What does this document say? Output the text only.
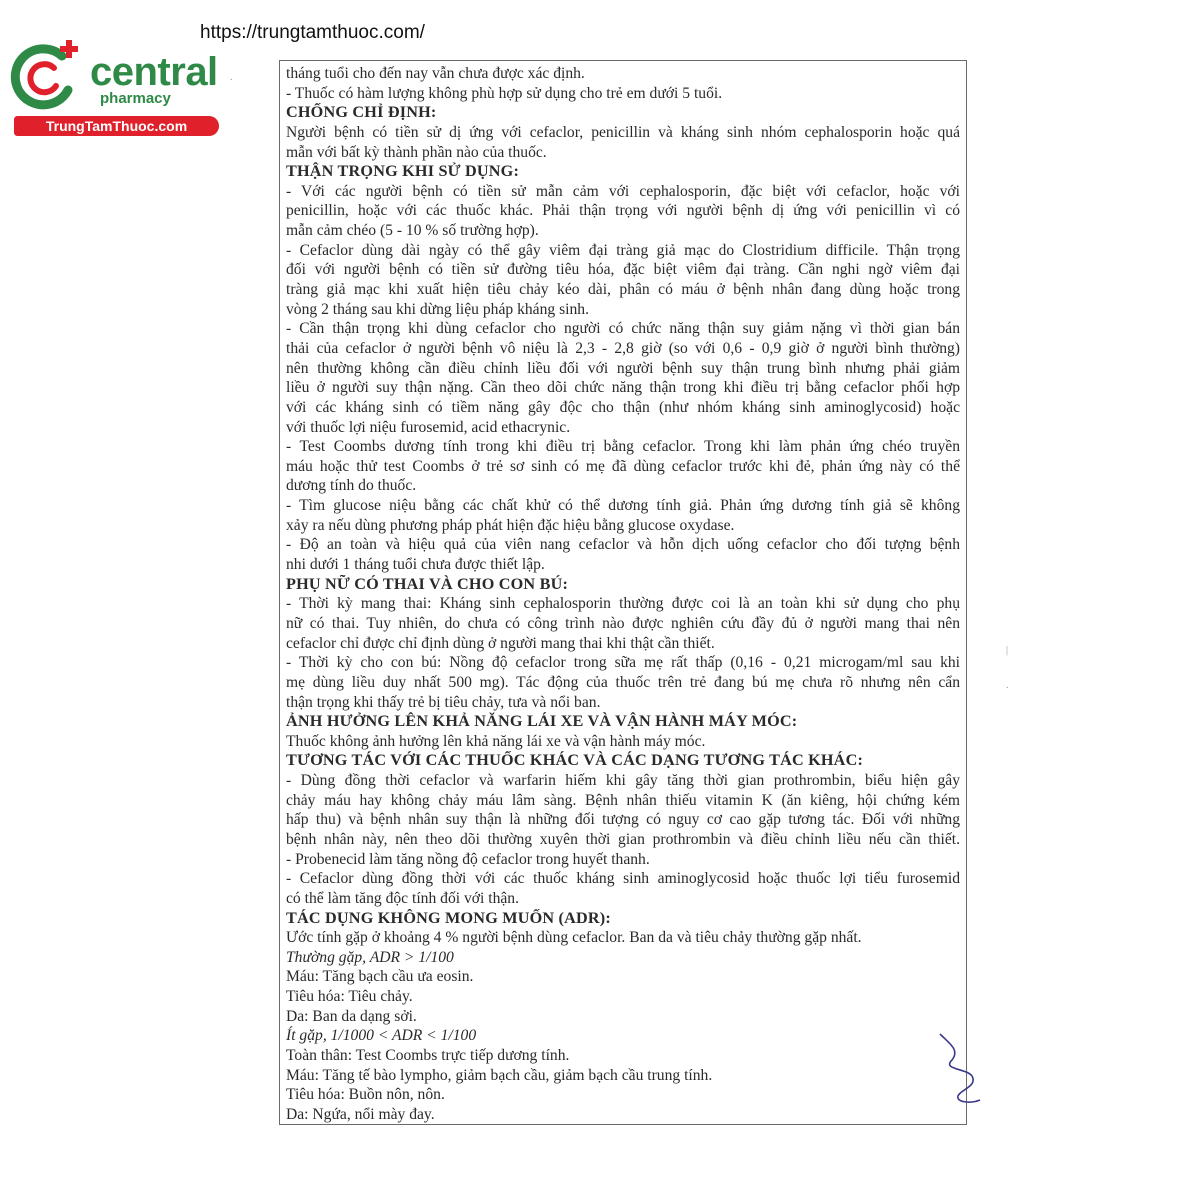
https://trungtamthuoc.com/
central
pharmacy
TrungTamThuoc.com
tháng tuổi cho đến nay vẫn chưa được xác định.
- Thuốc có hàm lượng không phù hợp sử dụng cho trẻ em dưới 5 tuổi.
CHỐNG CHỈ ĐỊNH:
Người bệnh có tiền sử dị ứng với cefaclor, penicillin và kháng sinh nhóm cephalosporin hoặc quá
mẫn với bất kỳ thành phần nào của thuốc.
THẬN TRỌNG KHI SỬ DỤNG:
- Với các người bệnh có tiền sử mẫn cảm với cephalosporin, đặc biệt với cefaclor, hoặc với
penicillin, hoặc với các thuốc khác. Phải thận trọng với người bệnh dị ứng với penicillin vì có
mẫn cảm chéo (5 - 10 % số trường hợp).
- Cefaclor dùng dài ngày có thể gây viêm đại tràng giả mạc do Clostridium difficile. Thận trọng
đối với người bệnh có tiền sử đường tiêu hóa, đặc biệt viêm đại tràng. Cần nghi ngờ viêm đại
tràng giả mạc khi xuất hiện tiêu chảy kéo dài, phân có máu ở bệnh nhân đang dùng hoặc trong
vòng 2 tháng sau khi dừng liệu pháp kháng sinh.
- Cần thận trọng khi dùng cefaclor cho người có chức năng thận suy giảm nặng vì thời gian bán
thải của cefaclor ở người bệnh vô niệu là 2,3 - 2,8 giờ (so với 0,6 - 0,9 giờ ở người bình thường)
nên thường không cần điều chỉnh liều đối với người bệnh suy thận trung bình nhưng phải giảm
liều ở người suy thận nặng. Cần theo dõi chức năng thận trong khi điều trị bằng cefaclor phối hợp
với các kháng sinh có tiềm năng gây độc cho thận (như nhóm kháng sinh aminoglycosid) hoặc
với thuốc lợi niệu furosemid, acid ethacrynic.
- Test Coombs dương tính trong khi điều trị bằng cefaclor. Trong khi làm phản ứng chéo truyền
máu hoặc thử test Coombs ở trẻ sơ sinh có mẹ đã dùng cefaclor trước khi đẻ, phản ứng này có thể
dương tính do thuốc.
- Tìm glucose niệu bằng các chất khử có thể dương tính giả. Phản ứng dương tính giả sẽ không
xảy ra nếu dùng phương pháp phát hiện đặc hiệu bằng glucose oxydase.
- Độ an toàn và hiệu quả của viên nang cefaclor và hỗn dịch uống cefaclor cho đối tượng bệnh
nhi dưới 1 tháng tuổi chưa được thiết lập.
PHỤ NỮ CÓ THAI VÀ CHO CON BÚ:
- Thời kỳ mang thai: Kháng sinh cephalosporin thường được coi là an toàn khi sử dụng cho phụ
nữ có thai. Tuy nhiên, do chưa có công trình nào được nghiên cứu đầy đủ ở người mang thai nên
cefaclor chỉ được chỉ định dùng ở người mang thai khi thật cần thiết.
- Thời kỳ cho con bú: Nồng độ cefaclor trong sữa mẹ rất thấp (0,16 - 0,21 microgam/ml sau khi
mẹ dùng liều duy nhất 500 mg). Tác động của thuốc trên trẻ đang bú mẹ chưa rõ nhưng nên cẩn
thận trọng khi thấy trẻ bị tiêu chảy, tưa và nổi ban.
ẢNH HƯỞNG LÊN KHẢ NĂNG LÁI XE VÀ VẬN HÀNH MÁY MÓC:
Thuốc không ảnh hưởng lên khả năng lái xe và vận hành máy móc.
TƯƠNG TÁC VỚI CÁC THUỐC KHÁC VÀ CÁC DẠNG TƯƠNG TÁC KHÁC:
- Dùng đồng thời cefaclor và warfarin hiếm khi gây tăng thời gian prothrombin, biểu hiện gây
chảy máu hay không chảy máu lâm sàng. Bệnh nhân thiếu vitamin K (ăn kiêng, hội chứng kém
hấp thu) và bệnh nhân suy thận là những đối tượng có nguy cơ cao gặp tương tác. Đối với những
bệnh nhân này, nên theo dõi thường xuyên thời gian prothrombin và điều chỉnh liều nếu cần thiết.
- Probenecid làm tăng nồng độ cefaclor trong huyết thanh.
- Cefaclor dùng đồng thời với các thuốc kháng sinh aminoglycosid hoặc thuốc lợi tiểu furosemid
có thể làm tăng độc tính đối với thận.
TÁC DỤNG KHÔNG MONG MUỐN (ADR):
Ước tính gặp ở khoảng 4 % người bệnh dùng cefaclor. Ban da và tiêu chảy thường gặp nhất.
Thường gặp, ADR > 1/100
Máu: Tăng bạch cầu ưa eosin.
Tiêu hóa: Tiêu chảy.
Da: Ban da dạng sởi.
Ít gặp, 1/1000 < ADR < 1/100
Toàn thân: Test Coombs trực tiếp dương tính.
Máu: Tăng tế bào lympho, giảm bạch cầu, giảm bạch cầu trung tính.
Tiêu hóa: Buồn nôn, nôn.
Da: Ngứa, nổi mày đay.
.
|
.
